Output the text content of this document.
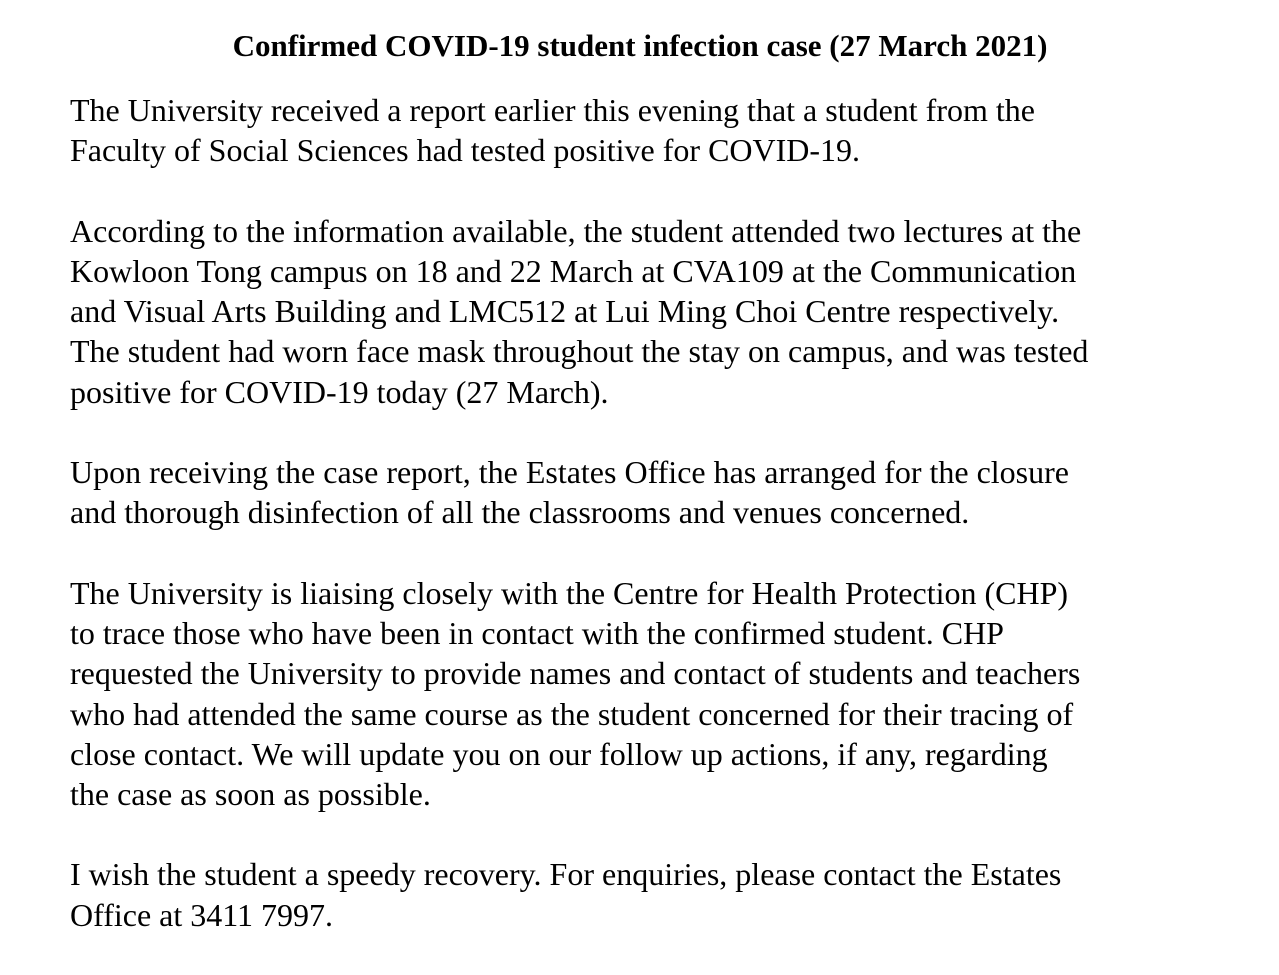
Confirmed COVID-19 student infection case (27 March 2021)

The University received a report earlier this evening that a student from the
Faculty of Social Sciences had tested positive for COVID-19.

According to the information available, the student attended two lectures at the
Kowloon Tong campus on 18 and 22 March at CVA109 at the Communication
and Visual Arts Building and LMC512 at Lui Ming Choi Centre respectively.
The student had worn face mask throughout the stay on campus, and was tested
positive for COVID-19 today (27 March).

Upon receiving the case report, the Estates Office has arranged for the closure
and thorough disinfection of all the classrooms and venues concerned.

The University is liaising closely with the Centre for Health Protection (CHP)
to trace those who have been in contact with the confirmed student. CHP
requested the University to provide names and contact of students and teachers
who had attended the same course as the student concerned for their tracing of
close contact. We will update you on our follow up actions, if any, regarding
the case as soon as possible.

I wish the student a speedy recovery. For enquiries, please contact the Estates
Office at 3411 7997.
